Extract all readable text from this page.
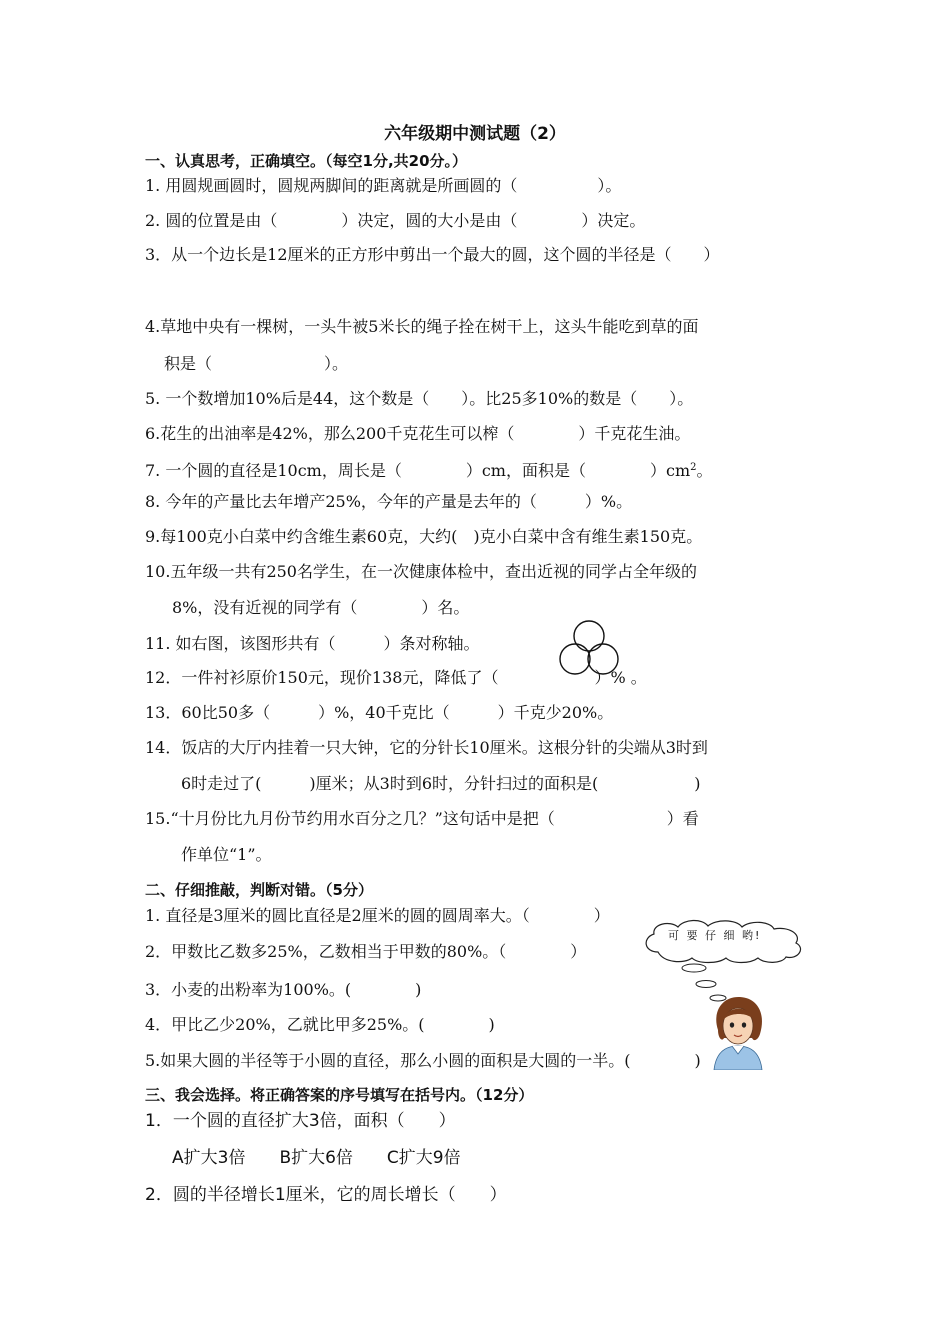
六年级期中测试题（2）
一、认真思考，正确填空。（每空1分,共20分。）
1. 用圆规画圆时，圆规两脚间的距离就是所画圆的（　　　　　）。
2. 圆的位置是由（　　　　）决定，圆的大小是由（　　　　）决定。
3．从一个边长是12厘米的正方形中剪出一个最大的圆，这个圆的半径是（　　）
4.草地中央有一棵树，一头牛被5米长的绳子拴在树干上，这头牛能吃到草的面
积是（　　　　　　　）。
5. 一个数增加10%后是44，这个数是（　　）。比25多10%的数是（　　）。
6.花生的出油率是42%，那么200千克花生可以榨（　　　　）千克花生油。
7. 一个圆的直径是10cm，周长是（　　　　）cm，面积是（　　　　）$cm^2$。
8. 今年的产量比去年增产25%，今年的产量是去年的（　　　）%。
9.每100克小白菜中约含维生素60克，大约(　)克小白菜中含有维生素150克。
10.五年级一共有250名学生，在一次健康体检中，查出近视的同学占全年级的
8%，没有近视的同学有（　　　　）名。
11. 如右图，该图形共有（　　　）条对称轴。
12．一件衬衫原价150元，现价138元，降低了（　　　　　　）% 。
13．60比50多（　　　）%，40千克比（　　　）千克少20%。
14．饭店的大厅内挂着一只大钟，它的分针长10厘米。这根分针的尖端从3时到
6时走过了(　　　)厘米；从3时到6时，分针扫过的面积是(　　　　　　)
15.“十月份比九月份节约用水百分之几？”这句话中是把（　　　　　　　）看
作单位“1”。
二、仔细推敲，判断对错。（5分）
1. 直径是3厘米的圆比直径是2厘米的圆的圆周率大。（　　　　）
2．甲数比乙数多25%，乙数相当于甲数的80%。（　　　　）
3．小麦的出粉率为100%。(　　　　)
4．甲比乙少20%，乙就比甲多25%。(　　　　)
5.如果大圆的半径等于小圆的直径，那么小圆的面积是大圆的一半。(　　　　)
可 要 仔 细 哟!
三、我会选择。将正确答案的序号填写在括号内。（12分）
1．一个圆的直径扩大3倍，面积（　　）
A扩大3倍　　B扩大6倍　　C扩大9倍
2．圆的半径增长1厘米，它的周长增长（　　）
